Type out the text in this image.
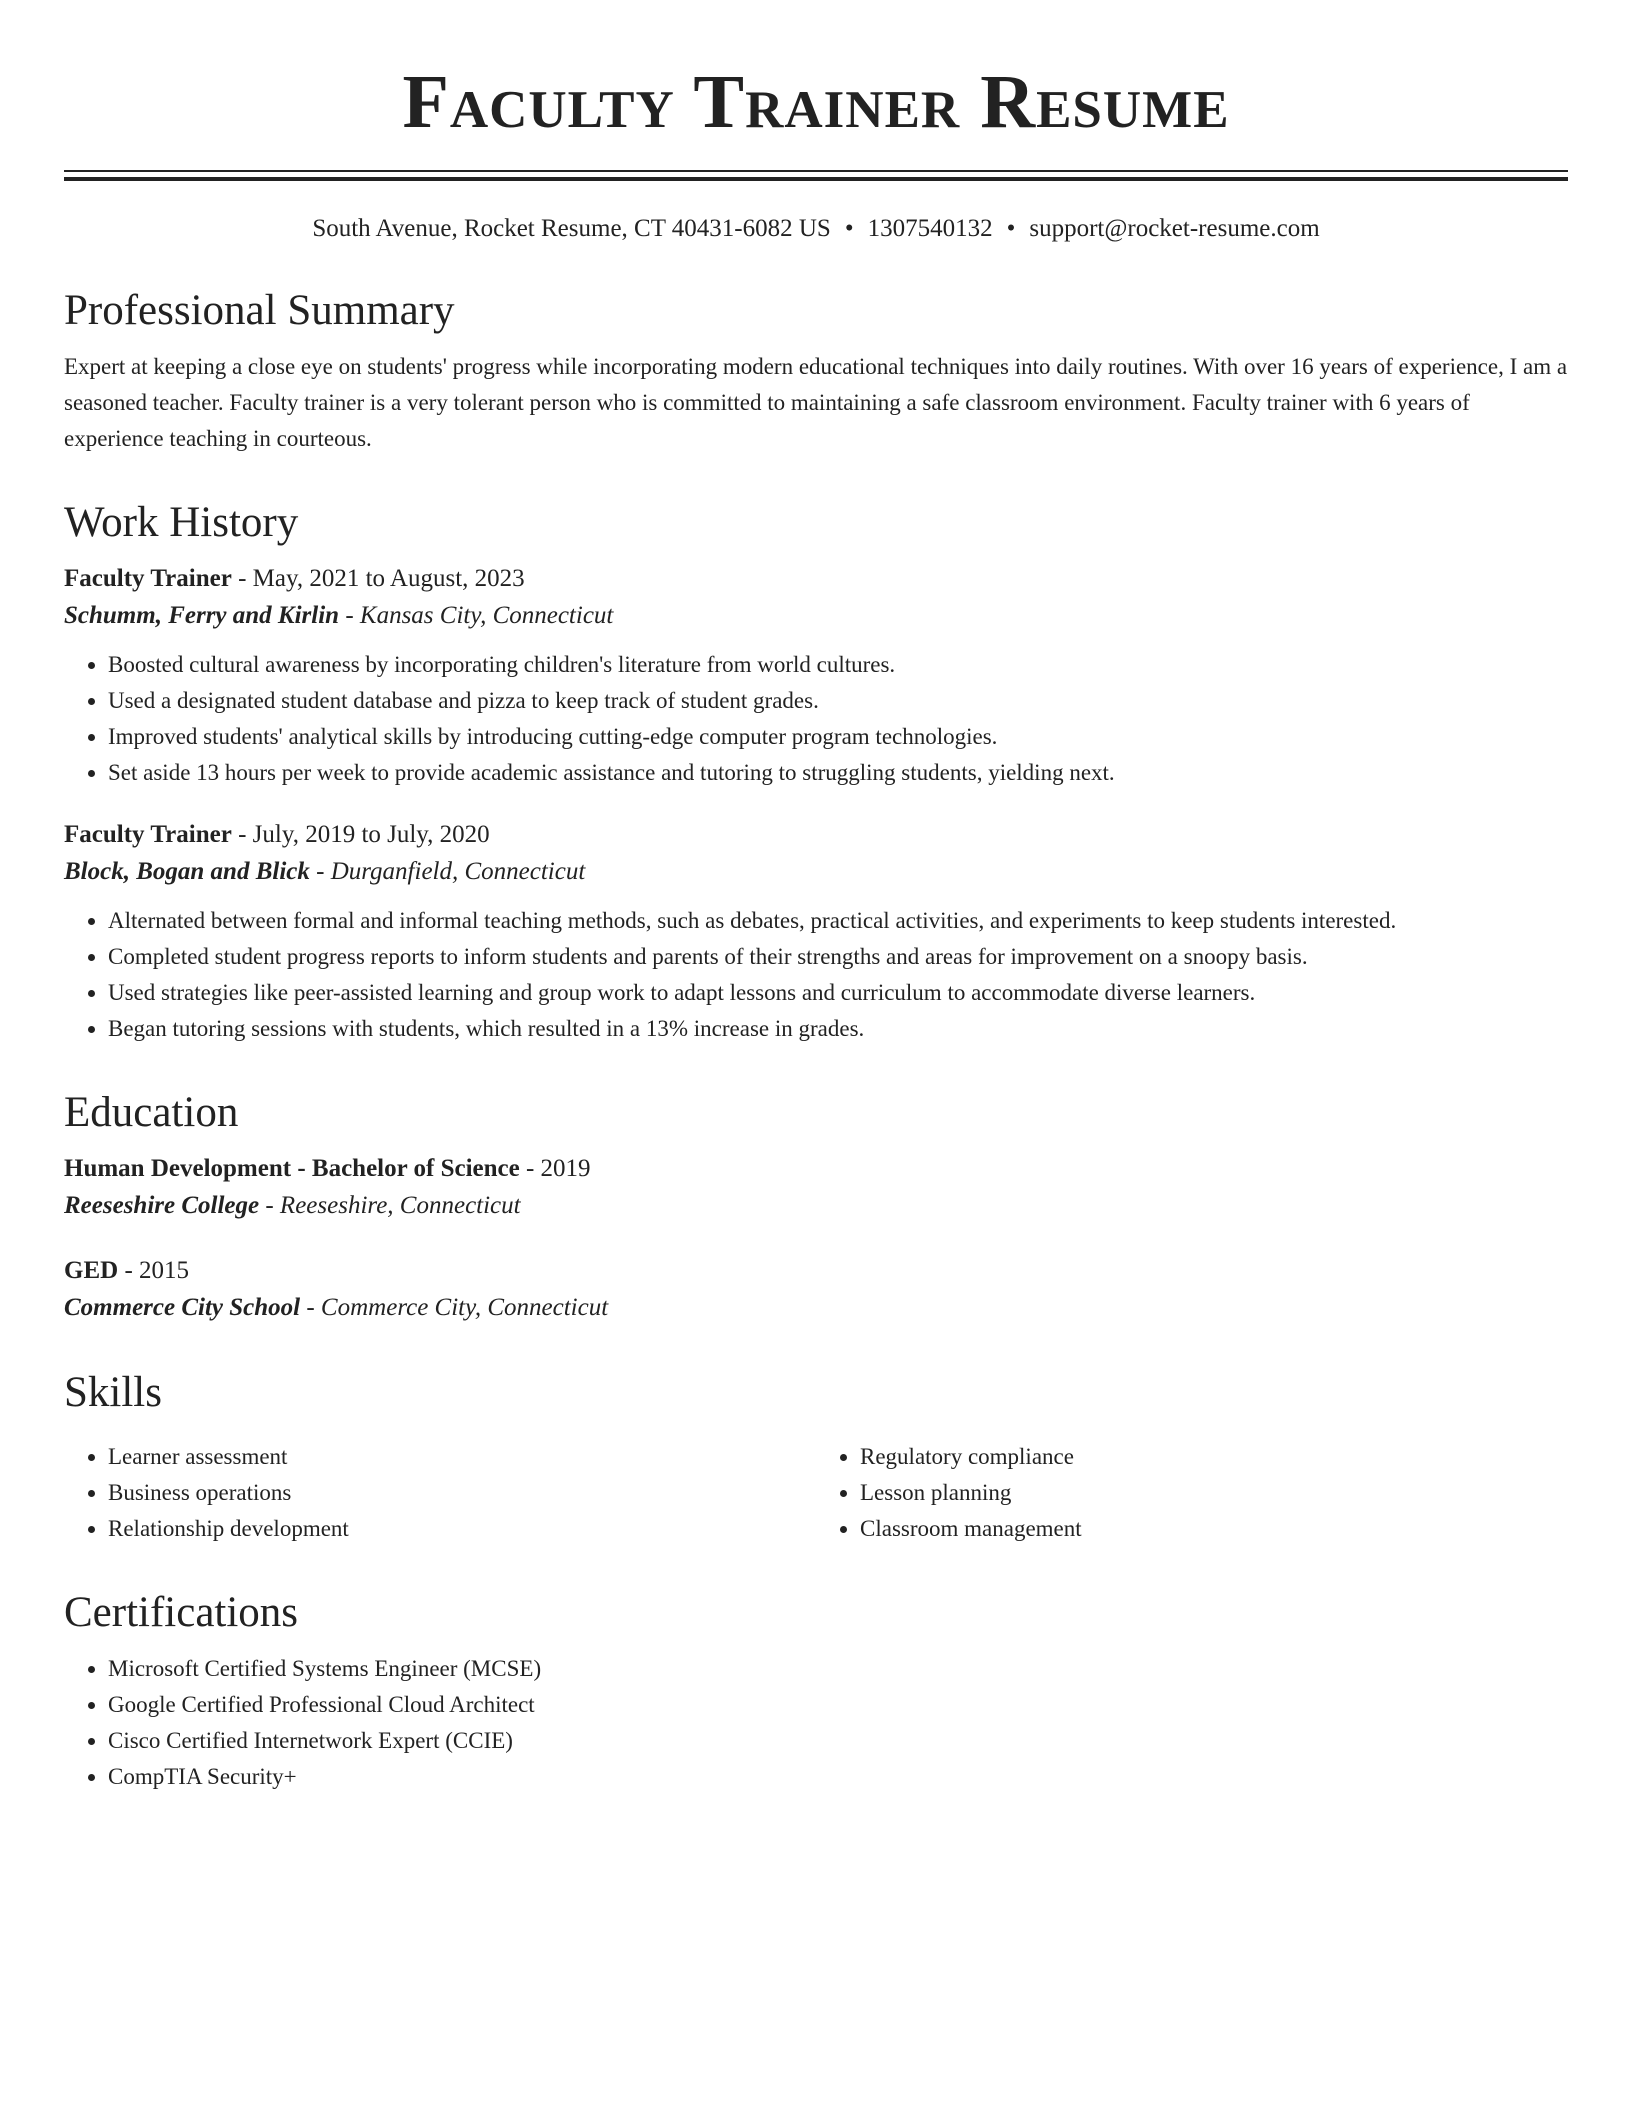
Faculty Trainer Resume
South Avenue, Rocket Resume, CT 40431-6082 US • 1307540132 • support@rocket-resume.com
Professional Summary

Expert at keeping a close eye on students' progress while incorporating modern educational techniques into daily routines. With over 16 years of experience, I am a seasoned teacher. Faculty trainer is a very tolerant person who is committed to maintaining a safe classroom environment. Faculty trainer with 6 years of experience teaching in courteous.

Work History
Faculty Trainer - May, 2021 to August, 2023
Schumm, Ferry and Kirlin - Kansas City, Connecticut
• Boosted cultural awareness by incorporating children's literature from world cultures.
• Used a designated student database and pizza to keep track of student grades.
• Improved students' analytical skills by introducing cutting-edge computer program technologies.
• Set aside 13 hours per week to provide academic assistance and tutoring to struggling students, yielding next.
Faculty Trainer - July, 2019 to July, 2020
Block, Bogan and Blick - Durganfield, Connecticut
• Alternated between formal and informal teaching methods, such as debates, practical activities, and experiments to keep students interested.
• Completed student progress reports to inform students and parents of their strengths and areas for improvement on a snoopy basis.
• Used strategies like peer-assisted learning and group work to adapt lessons and curriculum to accommodate diverse learners.
• Began tutoring sessions with students, which resulted in a 13% increase in grades.
Education
Human Development - Bachelor of Science - 2019
Reeseshire College - Reeseshire, Connecticut
GED - 2015
Commerce City School - Commerce City, Connecticut
Skills
• Learner assessment
• Business operations
• Relationship development
• Regulatory compliance
• Lesson planning
• Classroom management
Certifications
• Microsoft Certified Systems Engineer (MCSE)
• Google Certified Professional Cloud Architect
• Cisco Certified Internetwork Expert (CCIE)
• CompTIA Security+
